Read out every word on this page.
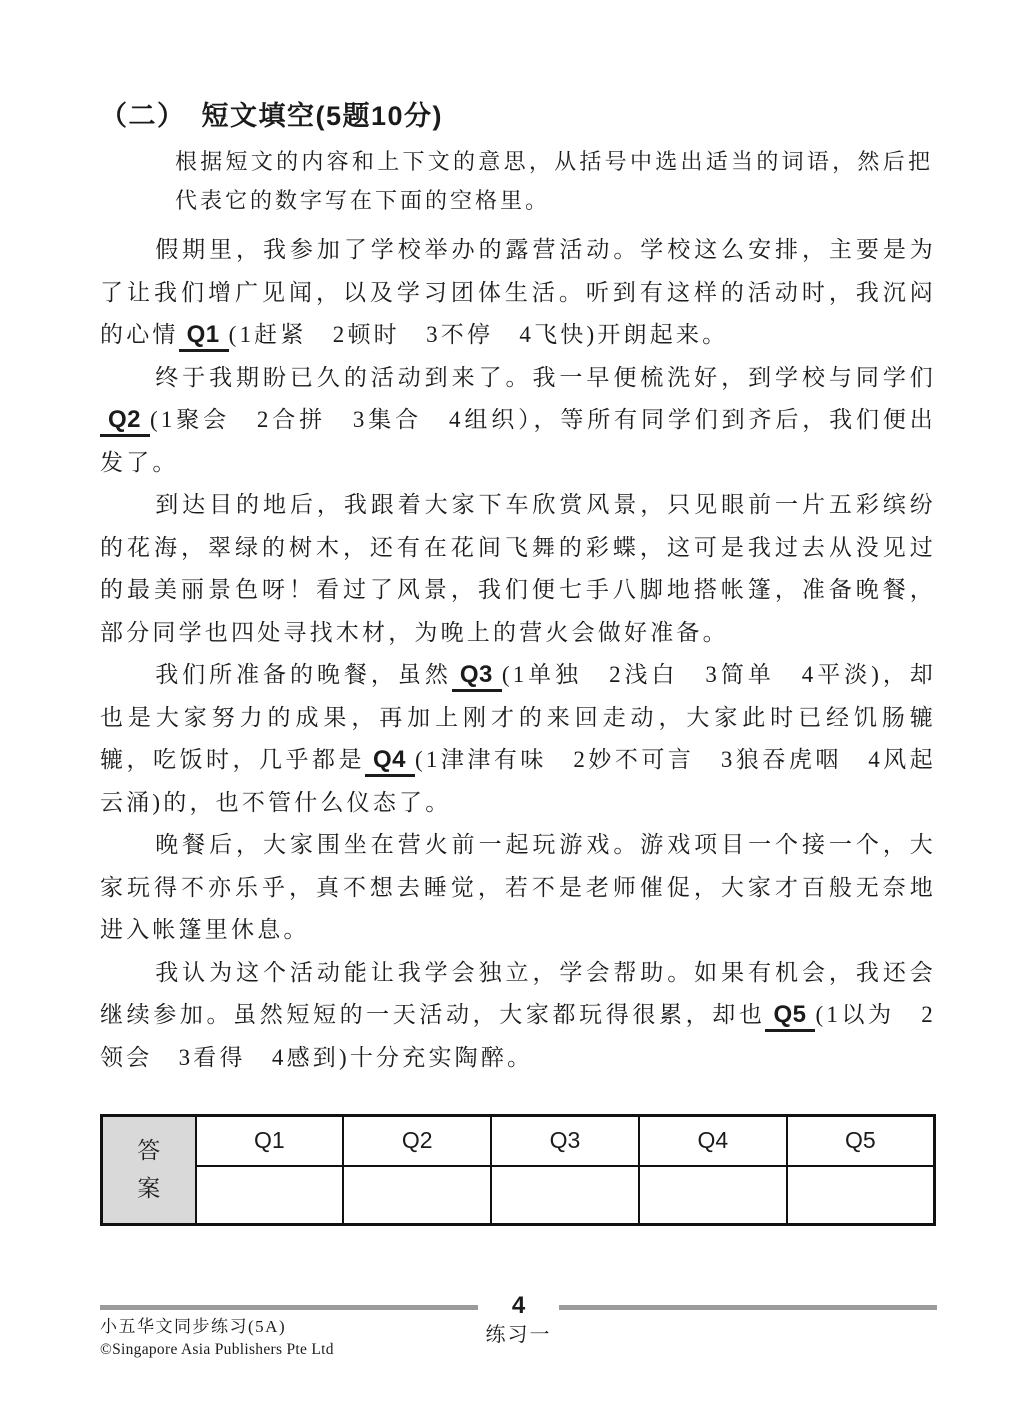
（二） 短文填空(5题10分)
根据短文的内容和上下文的意思，从括号中选出适当的词语，然后把代表它的数字写在下面的空格里。

假期里，我参加了学校举办的露营活动。学校这么安排，主要是为了让我们增广见闻，以及学习团体生活。听到有这样的活动时，我沉闷的心情 Q1 (1赶紧　2顿时　3不停　4飞快)开朗起来。

终于我期盼已久的活动到来了。我一早便梳洗好，到学校与同学们Q2 (1聚会　2合拼　3集合　4组织），等所有同学们到齐后，我们便出发了。

到达目的地后，我跟着大家下车欣赏风景，只见眼前一片五彩缤纷的花海，翠绿的树木，还有在花间飞舞的彩蝶，这可是我过去从没见过的最美丽景色呀！看过了风景，我们便七手八脚地搭帐篷，准备晚餐，部分同学也四处寻找木材，为晚上的营火会做好准备。

我们所准备的晚餐，虽然 Q3 (1单独　2浅白　3简单　4平淡)，却也是大家努力的成果，再加上刚才的来回走动，大家此时已经饥肠辘辘，吃饭时，几乎都是 Q4 (1津津有味　2妙不可言　3狼吞虎咽　4风起云涌)的，也不管什么仪态了。

晚餐后，大家围坐在营火前一起玩游戏。游戏项目一个接一个，大家玩得不亦乐乎，真不想去睡觉，若不是老师催促，大家才百般无奈地进入帐篷里休息。

我认为这个活动能让我学会独立，学会帮助。如果有机会，我还会继续参加。虽然短短的一天活动，大家都玩得很累，却也 Q5 (1以为　2领会　3看得　4感到)十分充实陶醉。

答案	Q1	Q2	Q3	Q4	Q5

4
小五华文同步练习(5A)
©Singapore Asia Publishers Pte Ltd
练习一
